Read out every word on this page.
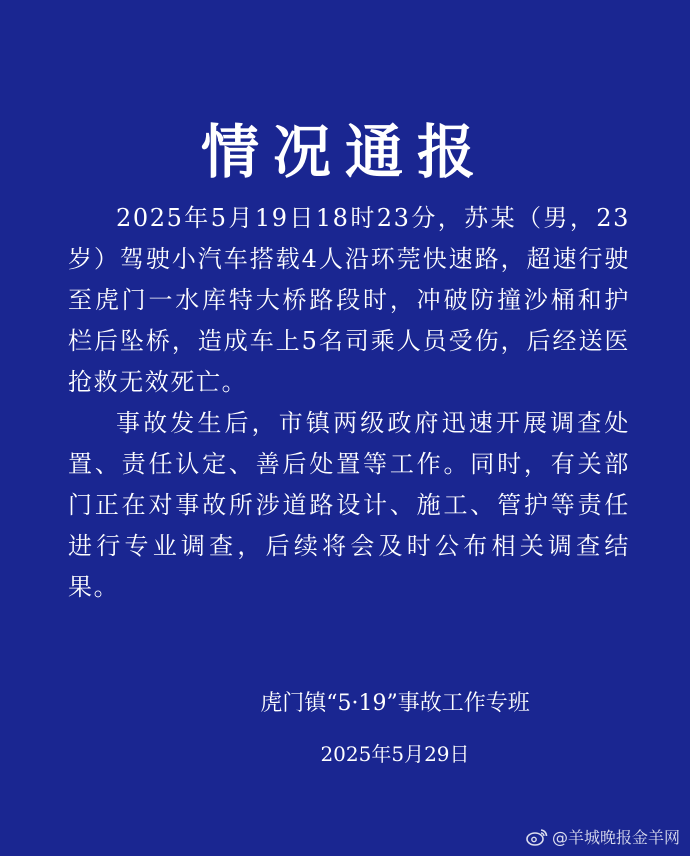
情况通报

2025年5月19日18时23分，苏某（男，23岁）驾驶小汽车搭载4人沿环莞快速路，超速行驶至虎门一水库特大桥路段时，冲破防撞沙桶和护栏后坠桥，造成车上5名司乘人员受伤，后经送医抢救无效死亡。

事故发生后，市镇两级政府迅速开展调查处置、责任认定、善后处置等工作。同时，有关部门正在对事故所涉道路设计、施工、管护等责任进行专业调查，后续将会及时公布相关调查结果。

虎门镇“5·19”事故工作专班
2025年5月29日
@羊城晚报金羊网
